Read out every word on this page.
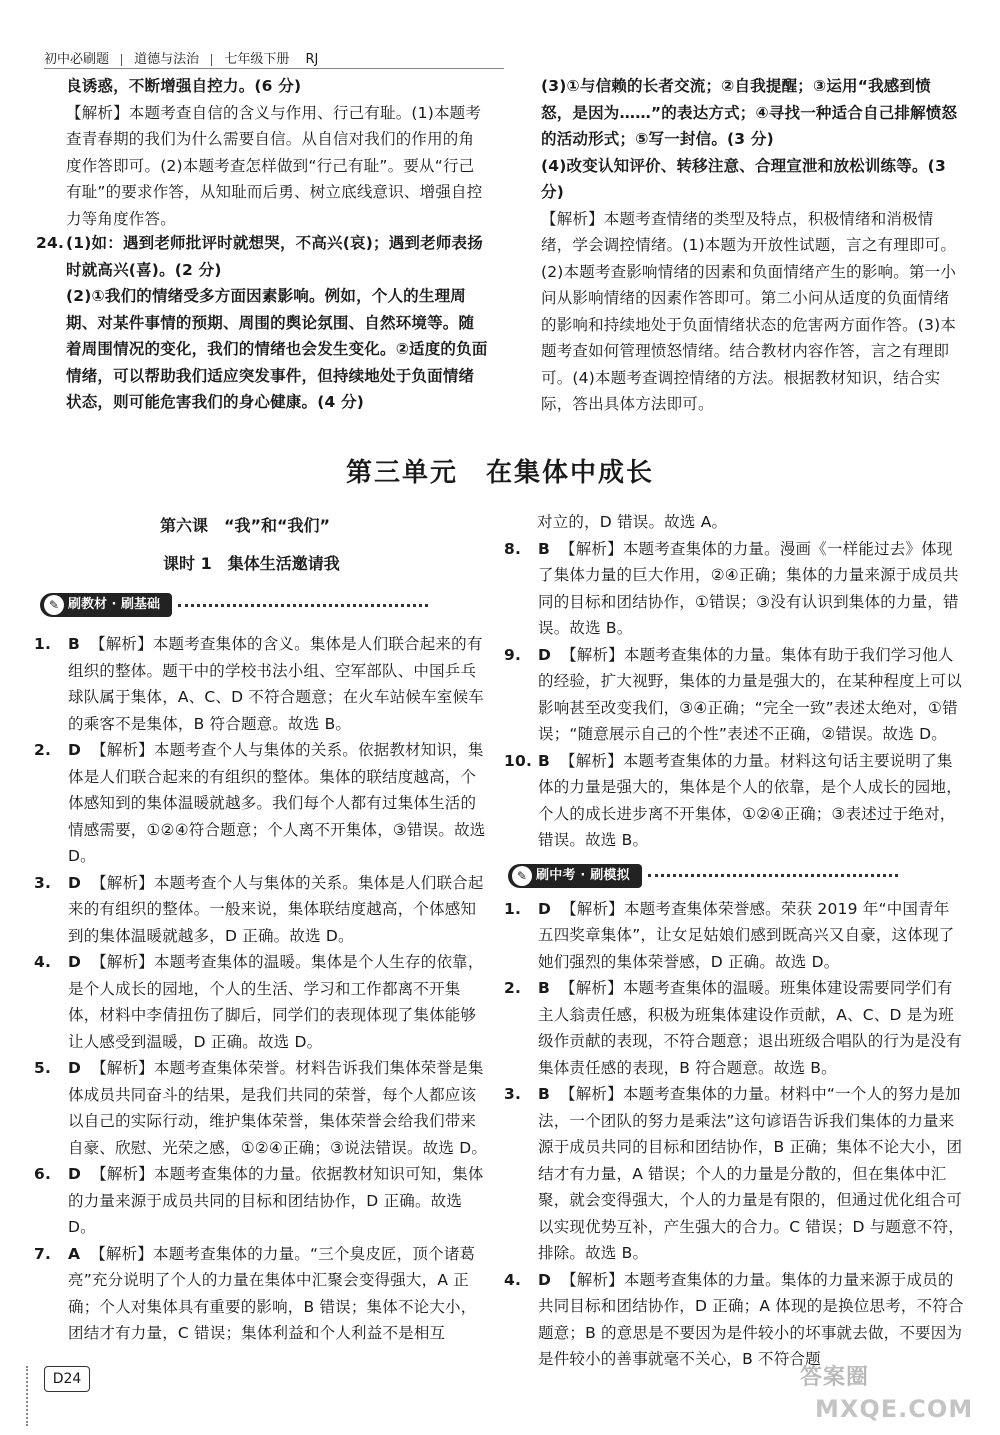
初中必刷题 道德与法治 七年级下册 RJ

良诱惑，不断增强自控力。(6 分)

【解析】本题考查自信的含义与作用、行己有耻。(1)本题考查青春期的我们为什么需要自信。从自信对我们的作用的角度作答即可。(2)本题考查怎样做到“行己有耻”。要从“行己有耻”的要求作答，从知耻而后勇、树立底线意识、增强自控力等角度作答。

24. (1)如：遇到老师批评时就想哭，不高兴(哀)；遇到老师表扬时就高兴(喜)。(2 分)

(2)①我们的情绪受多方面因素影响。例如，个人的生理周期、对某件事情的预期、周围的舆论氛围、自然环境等。随着周围情况的变化，我们的情绪也会发生变化。②适度的负面情绪，可以帮助我们适应突发事件，但持续地处于负面情绪状态，则可能危害我们的身心健康。(4 分)

(3)①与信赖的长者交流；②自我提醒；③运用“我感到愤怒，是因为……”的表达方式；④寻找一种适合自己排解愤怒的活动形式；⑤写一封信。(3 分)

(4)改变认知评价、转移注意、合理宣泄和放松训练等。(3 分)

【解析】本题考查情绪的类型及特点，积极情绪和消极情绪，学会调控情绪。(1)本题为开放性试题，言之有理即可。(2)本题考查影响情绪的因素和负面情绪产生的影响。第一小问从影响情绪的因素作答即可。第二小问从适度的负面情绪的影响和持续地处于负面情绪状态的危害两方面作答。(3)本题考查如何管理愤怒情绪。结合教材内容作答，言之有理即可。(4)本题考查调控情绪的方法。根据教材知识，结合实际，答出具体方法即可。

第三单元　在集体中成长
第六课　“我”和“我们”
课时 1　集体生活邀请我
✎ 刷教材 · 刷基础
1.	B 【解析】本题考查集体的含义。集体是人们联合起来的有组织的整体。题干中的学校书法小组、空军部队、中国乒乓球队属于集体，A、C、D 不符合题意；在火车站候车室候车的乘客不是集体，B 符合题意。故选 B。
2.	D 【解析】本题考查个人与集体的关系。依据教材知识，集体是人们联合起来的有组织的整体。集体的联结度越高，个体感知到的集体温暖就越多。我们每个人都有过集体生活的情感需要，①②④符合题意；个人离不开集体，③错误。故选 D。
3.	D 【解析】本题考查个人与集体的关系。集体是人们联合起来的有组织的整体。一般来说，集体联结度越高，个体感知到的集体温暖就越多，D 正确。故选 D。
4.	D 【解析】本题考查集体的温暖。集体是个人生存的依靠，是个人成长的园地，个人的生活、学习和工作都离不开集体，材料中李倩扭伤了脚后，同学们的表现体现了集体能够让人感受到温暖，D 正确。故选 D。
5.	D 【解析】本题考查集体荣誉。材料告诉我们集体荣誉是集体成员共同奋斗的结果，是我们共同的荣誉，每个人都应该以自己的实际行动，维护集体荣誉，集体荣誉会给我们带来自豪、欣慰、光荣之感，①②④正确；③说法错误。故选 D。
6.	D 【解析】本题考查集体的力量。依据教材知识可知，集体的力量来源于成员共同的目标和团结协作，D 正确。故选 D。
7.	A 【解析】本题考查集体的力量。“三个臭皮匠，顶个诸葛亮”充分说明了个人的力量在集体中汇聚会变得强大，A 正确；个人对集体具有重要的影响，B 错误；集体不论大小，团结才有力量，C 错误；集体利益和个人利益不是相互

对立的，D 错误。故选 A。

8.	B 【解析】本题考查集体的力量。漫画《一样能过去》体现了集体力量的巨大作用，②④正确；集体的力量来源于成员共同的目标和团结协作，①错误；③没有认识到集体的力量，错误。故选 B。
9.	D 【解析】本题考查集体的力量。集体有助于我们学习他人的经验，扩大视野，集体的力量是强大的，在某种程度上可以影响甚至改变我们，③④正确；“完全一致”表述太绝对，①错误；“随意展示自己的个性”表述不正确，②错误。故选 D。
10. B 【解析】本题考查集体的力量。材料这句话主要说明了集体的力量是强大的，集体是个人的依靠，是个人成长的园地，个人的成长进步离不开集体，①②④正确；③表述过于绝对，错误。故选 B。
✎ 刷中考 · 刷模拟
1.	D 【解析】本题考查集体荣誉感。荣获 2019 年“中国青年五四奖章集体”，让女足姑娘们感到既高兴又自豪，这体现了她们强烈的集体荣誉感，D 正确。故选 D。
2.	B 【解析】本题考查集体的温暖。班集体建设需要同学们有主人翁责任感，积极为班集体建设作贡献，A、C、D 是为班级作贡献的表现，不符合题意；退出班级合唱队的行为是没有集体责任感的表现，B 符合题意。故选 B。
3.	B 【解析】本题考查集体的力量。材料中“一个人的努力是加法，一个团队的努力是乘法”这句谚语告诉我们集体的力量来源于成员共同的目标和团结协作，B 正确；集体不论大小，团结才有力量，A 错误；个人的力量是分散的，但在集体中汇聚，就会变得强大，个人的力量是有限的，但通过优化组合可以实现优势互补，产生强大的合力。C 错误；D 与题意不符，排除。故选 B。
4.	D 【解析】本题考查集体的力量。集体的力量来源于成员的共同目标和团结协作，D 正确；A 体现的是换位思考，不符合题意；B 的意思是不要因为是件较小的坏事就去做，不要因为是件较小的善事就毫不关心，B 不符合题
D24	答案圈
MXQE.COM
